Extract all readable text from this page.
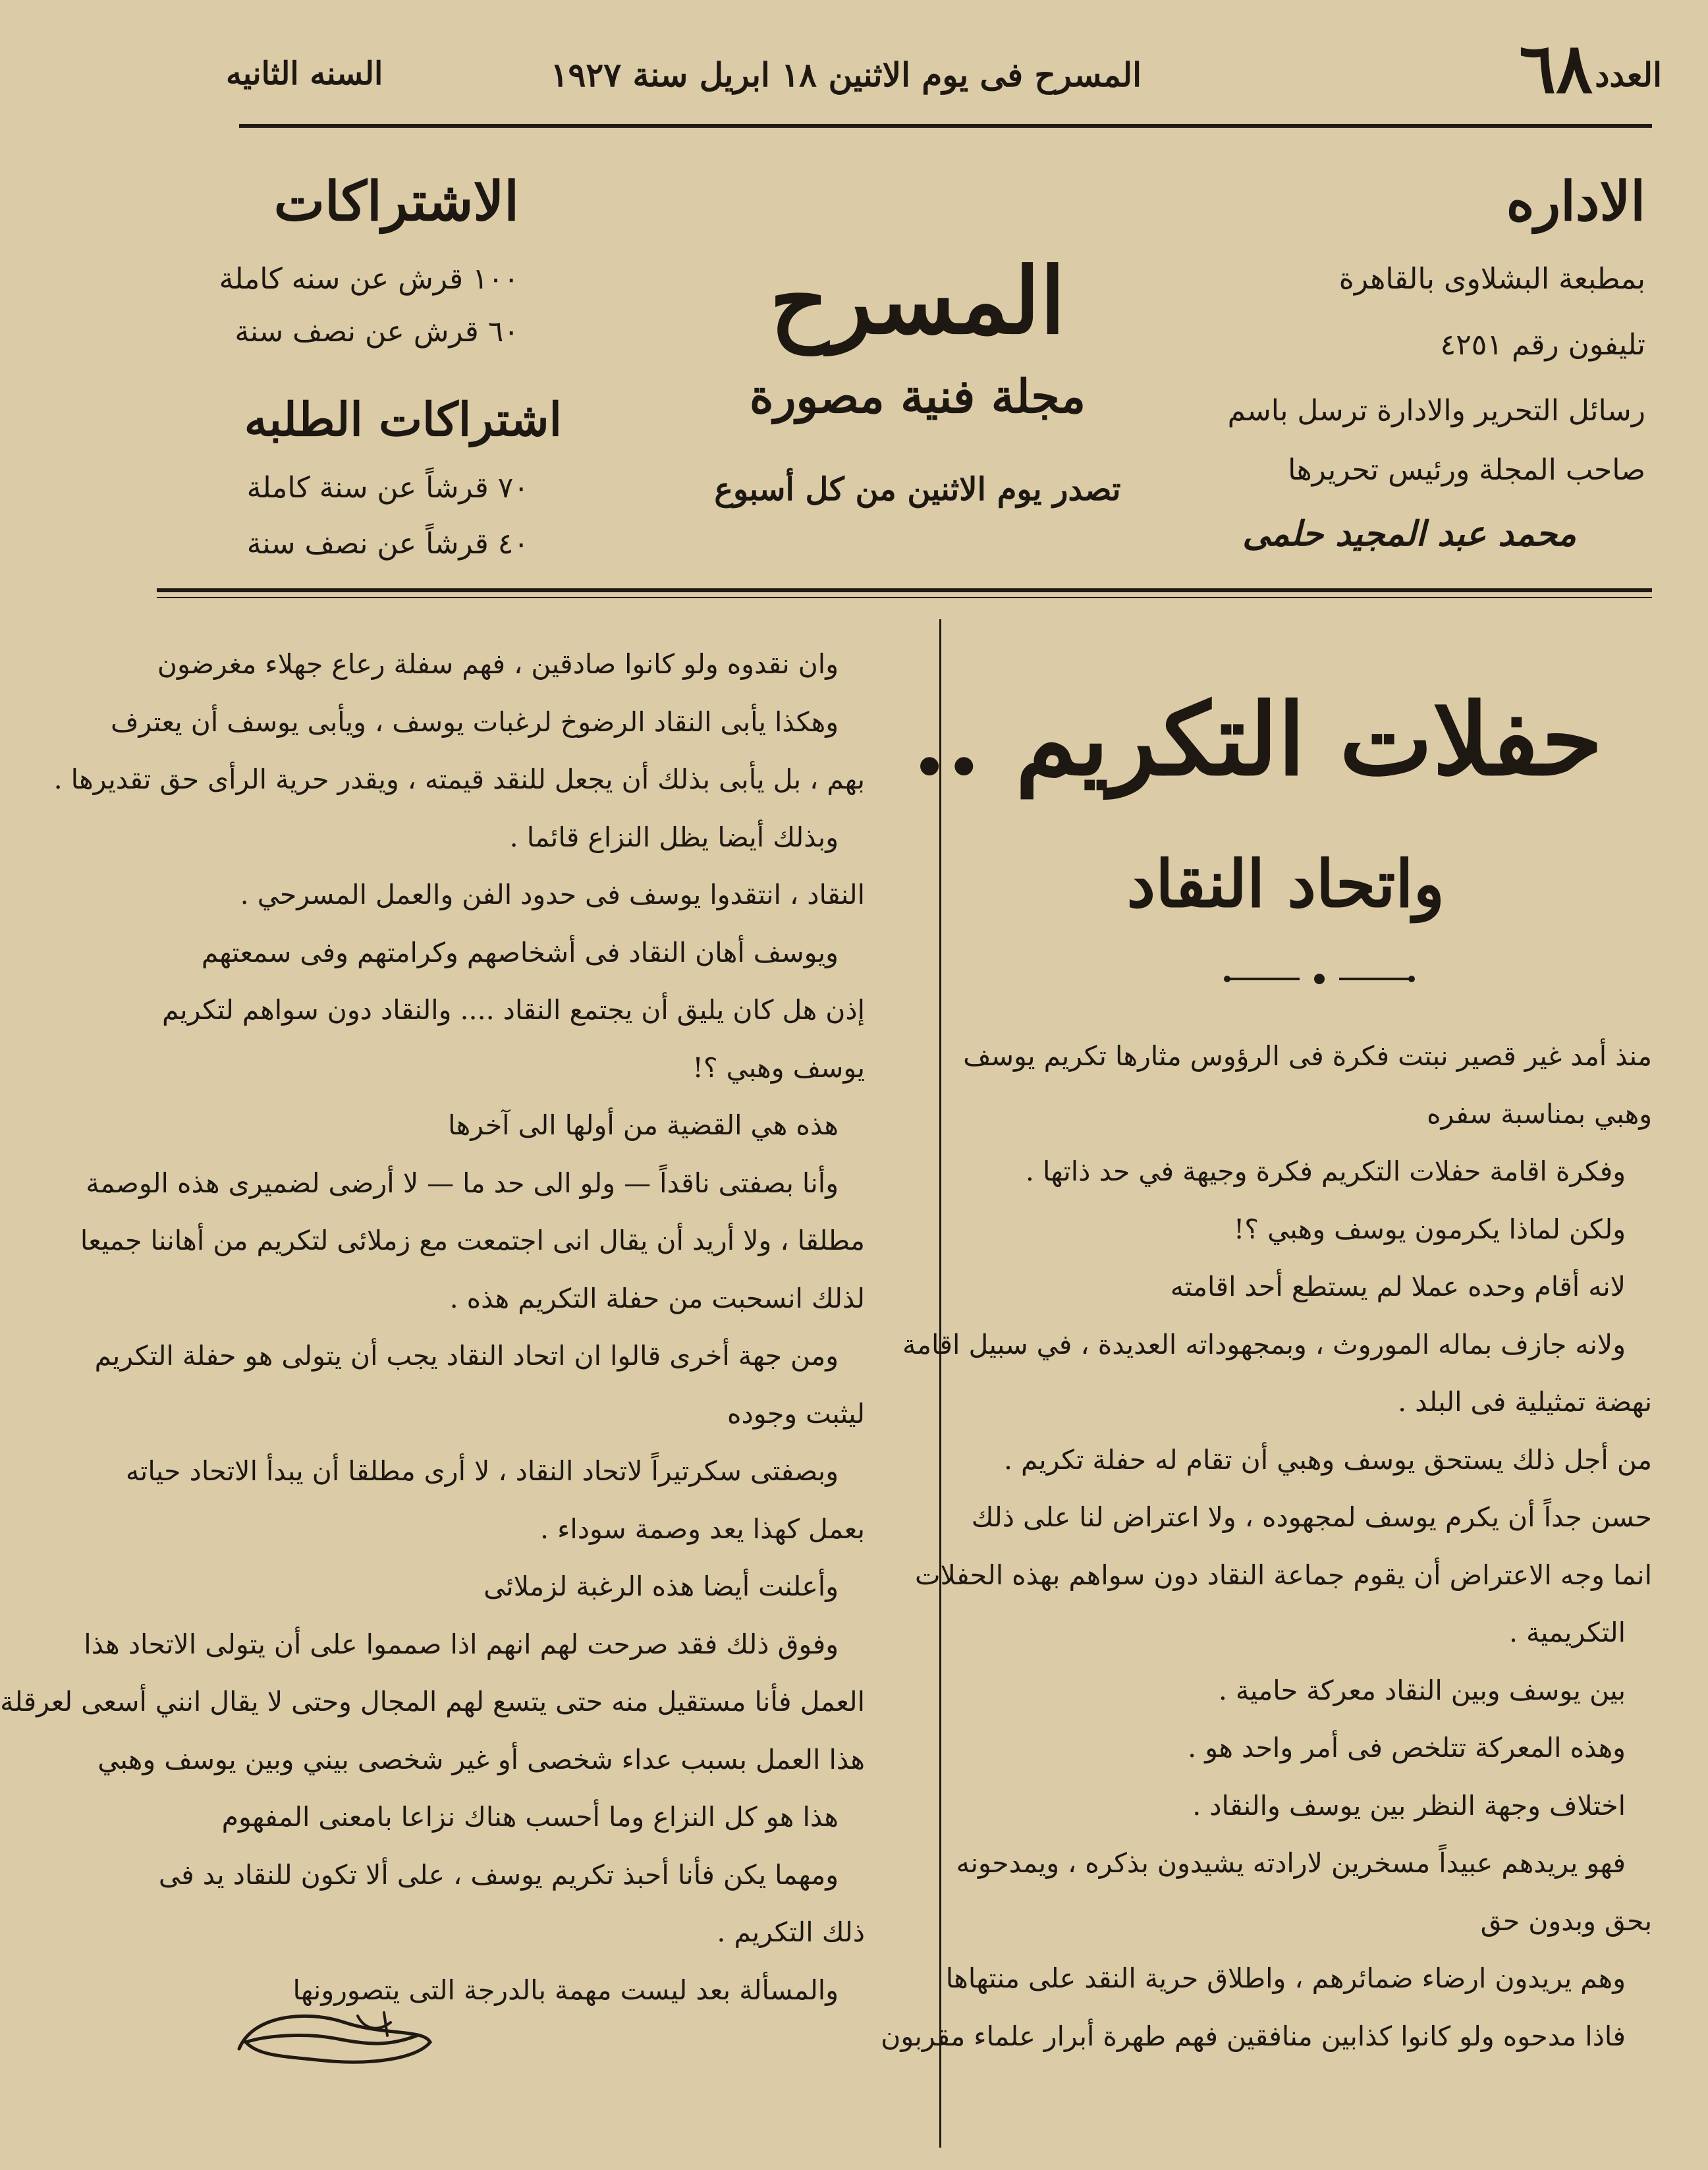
العدد
٦٨
المسرح فى يوم الاثنين ١٨ ابريل سنة ١٩٢٧
السنه الثانيه
الاداره
بمطبعة البشلاوى بالقاهرة
تليفون رقم ٤٢٥١
رسائل التحرير والادارة ترسل باسم
صاحب المجلة ورئيس تحريرها
محمد عبد المجيد حلمى
المسرح
مجلة فنية مصورة
تصدر يوم الاثنين من كل أسبوع
الاشتراكات
١٠٠ قرش عن سنه كاملة
٦٠ قرش عن نصف سنة
اشتراكات الطلبه
٧٠ قرشاً عن سنة كاملة
٤٠ قرشاً عن نصف سنة
حفلات التكريم ..
واتحاد النقاد

منذ أمد غير قصير نبتت فكرة فى الرؤوس مثارها تكريم يوسف

وهبي بمناسبة سفره

وفكرة اقامة حفلات التكريم فكرة وجيهة في حد ذاتها .

ولكن لماذا يكرمون يوسف وهبي ؟!

لانه أقام وحده عملا لم يستطع أحد اقامته

ولانه جازف بماله الموروث ، وبمجهوداته العديدة ، في سبيل اقامة

نهضة تمثيلية فى البلد .

من أجل ذلك يستحق يوسف وهبي أن تقام له حفلة تكريم .

حسن جداً أن يكرم يوسف لمجهوده ، ولا اعتراض لنا على ذلك

انما وجه الاعتراض أن يقوم جماعة النقاد دون سواهم بهذه الحفلات

التكريمية .

بين يوسف وبين النقاد معركة حامية .

وهذه المعركة تتلخص فى أمر واحد هو .

اختلاف وجهة النظر بين يوسف والنقاد .

فهو يريدهم عبيداً مسخرين لارادته يشيدون بذكره ، ويمدحونه

بحق وبدون حق

وهم يريدون ارضاء ضمائرهم ، واطلاق حرية النقد على منتهاها

فاذا مدحوه ولو كانوا كذابين منافقين فهم طهرة أبرار علماء مقربون

وان نقدوه ولو كانوا صادقين ، فهم سفلة رعاع جهلاء مغرضون

وهكذا يأبى النقاد الرضوخ لرغبات يوسف ، ويأبى يوسف أن يعترف

بهم ، بل يأبى بذلك أن يجعل للنقد قيمته ، ويقدر حرية الرأى حق تقديرها .

وبذلك أيضا يظل النزاع قائما .

النقاد ، انتقدوا يوسف فى حدود الفن والعمل المسرحي .

ويوسف أهان النقاد فى أشخاصهم وكرامتهم وفى سمعتهم

إذن هل كان يليق أن يجتمع النقاد .... والنقاد دون سواهم لتكريم

يوسف وهبي ؟!

هذه هي القضية من أولها الى آخرها

وأنا بصفتى ناقداً — ولو الى حد ما — لا أرضى لضميرى هذه الوصمة

مطلقا ، ولا أريد أن يقال انى اجتمعت مع زملائى لتكريم من أهاننا جميعا

لذلك انسحبت من حفلة التكريم هذه .

ومن جهة أخرى قالوا ان اتحاد النقاد يجب أن يتولى هو حفلة التكريم

ليثبت وجوده

وبصفتى سكرتيراً لاتحاد النقاد ، لا أرى مطلقا أن يبدأ الاتحاد حياته

بعمل كهذا يعد وصمة سوداء .

وأعلنت أيضا هذه الرغبة لزملائى

وفوق ذلك فقد صرحت لهم انهم اذا صمموا على أن يتولى الاتحاد هذا

العمل فأنا مستقيل منه حتى يتسع لهم المجال وحتى لا يقال انني أسعى لعرقلة

هذا العمل بسبب عداء شخصى أو غير شخصى بيني وبين يوسف وهبي

هذا هو كل النزاع وما أحسب هناك نزاعا بامعنى المفهوم

ومهما يكن فأنا أحبذ تكريم يوسف ، على ألا تكون للنقاد يد فى

ذلك التكريم .

والمسألة بعد ليست مهمة بالدرجة التى يتصورونها
